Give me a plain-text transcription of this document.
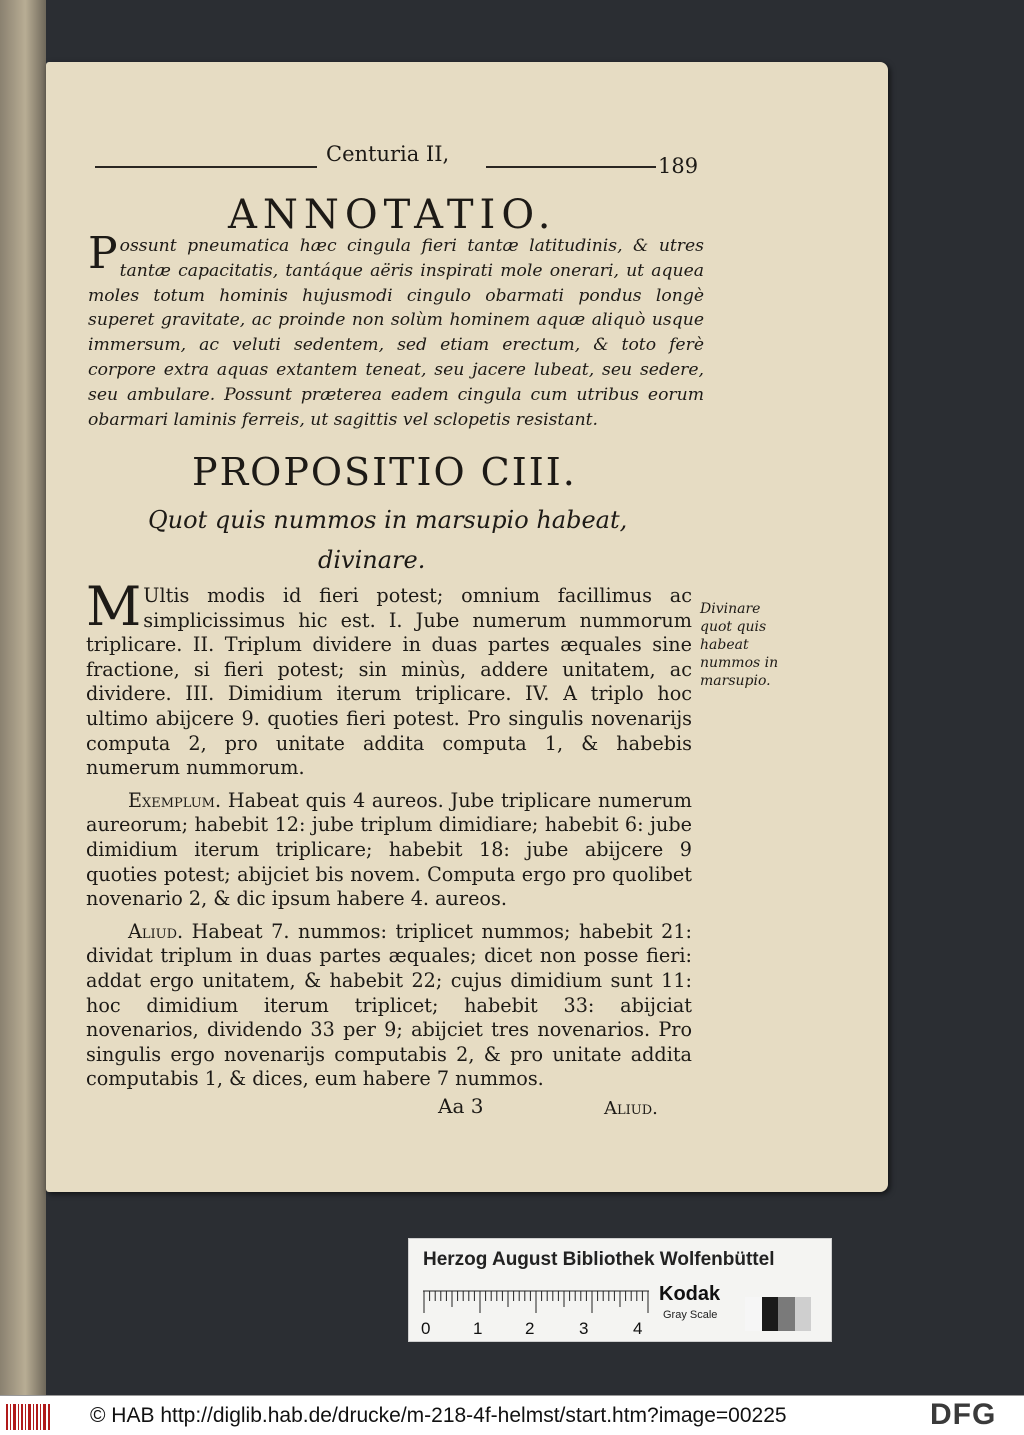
Centuria II,	189
ANNOTATIO.
Possunt pneumatica hæc cingula fieri tantæ latitudinis, & utres tantæ capacitatis, tantáque aëris inspirati mole onerari, ut aquea moles totum hominis hujusmodi cingulo obarmati pondus longè superet gravitate, ac proinde non solùm hominem aquæ aliquò usque immersum, ac veluti sedentem, sed etiam erectum, & toto ferè corpore extra aquas extantem teneat, seu jacere lubeat, seu sedere, seu ambulare. Possunt præterea eadem cingula cum utribus eorum obarmari laminis ferreis, ut sagittis vel sclopetis resistant.
PROPOSITIO CIII.
Quot quis nummos in marsupio habeat,
divinare.

M Ultis modis id fieri potest; omnium facillimus ac simplicissimus hic est. I. Jube numerum nummorum triplicare. II. Triplum dividere in duas partes æquales sine fractione, si fieri potest; sin minùs, addere unitatem, ac dividere. III. Dimidium iterum triplicare. IV. A triplo hoc ultimo abijcere 9. quoties fieri potest. Pro singulis novenarijs computa 2, pro unitate addita computa 1, & habebis numerum nummorum.

Exemplum. Habeat quis 4 aureos. Jube triplicare numerum aureorum; habebit 12: jube triplum dimidiare; habebit 6: jube dimidium iterum triplicare; habebit 18: jube abijcere 9 quoties potest; abijciet bis novem. Computa ergo pro quolibet novenario 2, & dic ipsum habere 4. aureos.

Aliud. Habeat 7. nummos: triplicet nummos; habebit 21: dividat triplum in duas partes æquales; dicet non posse fieri: addat ergo unitatem, & habebit 22; cujus dimidium sunt 11: hoc dimidium iterum triplicet; habebit 33: abijciat novenarios, dividendo 33 per 9; abijciet tres novenarios. Pro singulis ergo novenarijs computabis 2, & pro unitate addita computabis 1, & dices, eum habere 7 nummos.

Divinare quot quis habeat nummos in marsupio.
Aa 3	Aliud.
Herzog August Bibliothek Wolfenbüttel
0	1	2	3	4
Kodak
Gray Scale
© HAB http://diglib.hab.de/drucke/m-218-4f-helmst/start.htm?image=00225	DFG
